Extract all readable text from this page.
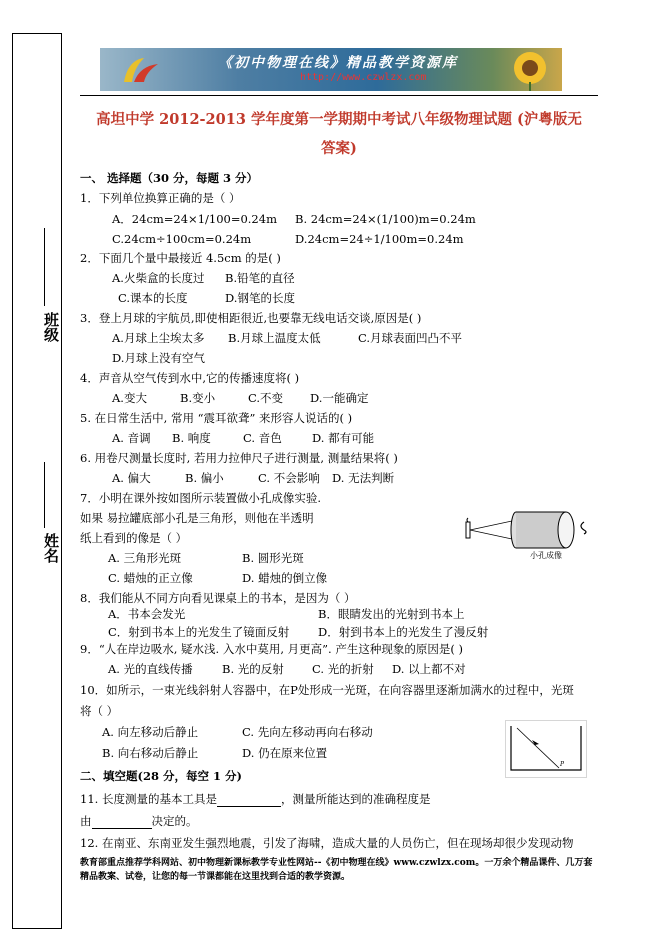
班级
姓名
《初中物理在线》精品教学资源库
http://www.czwlzx.com
高坦中学 2012-2013 学年度第一学期期中考试八年级物理试题 (沪粤版无
答案)
一、 选择题（30 分，每题 3 分）
1．下列单位换算正确的是（ ）
A．24cm=24×1/100=0.24m B. 24cm=24×(1/100)m=0.24m
C.24cm÷100cm=0.24m	D.24cm=24÷1/100m=0.24m
2．下面几个量中最接近 4.5cm 的是( )
A.火柴盒的长度过 B.铅笔的直径
C.课本的长度	D.钢笔的长度
3．登上月球的宇航员,即使相距很近,也要靠无线电话交谈,原因是( )
A.月球上尘埃太多 B.月球上温度太低	C.月球表面凹凸不平
D.月球上没有空气
4．声音从空气传到水中,它的传播速度将( )
A.变大	B.变小	C.不变 D.一能确定
5. 在日常生活中, 常用 “震耳欲聋” 来形容人说话的( )
A. 音调 B. 响度	C. 音色	D. 都有可能
6. 用卷尺测量长度时, 若用力拉伸尺子进行测量, 测量结果将( )
A. 偏大	B. 偏小	C. 不会影响 D. 无法判断
7．小明在课外按如图所示装置做小孔成像实验.
如果 易拉罐底部小孔是三角形，则他在半透明
纸上看到的像是（ ）
A. 三角形光斑	B. 圆形光斑
C. 蜡烛的正立像	D. 蜡烛的倒立像
小孔成像
8．我们能从不同方向看见课桌上的书本，是因为（ ）
A．书本会发光	B．眼睛发出的光射到书本上
C．射到书本上的光发生了镜面反射 D．射到书本上的光发生了漫反射
9．“人在岸边吸水, 疑水浅. 入水中莫用, 月更高”. 产生这种现象的原因是( )
A. 光的直线传播	B. 光的反射 C. 光的折射 D. 以上都不对
10．如所示，一束光线斜射人容器中，在P处形成一光斑，在向容器里逐渐加满水的过程中，光斑
将（ ）
A. 向左移动后静止	C. 先向左移动再向右移动
B. 向右移动后静止	D. 仍在原来位置
P
二、填空题(28 分，每空 1 分)
11. 长度测量的基本工具是	，测量所能达到的准确程度是
由	决定的。
12. 在南亚、东南亚发生强烈地震，引发了海啸，造成大量的人员伤亡，但在现场却很少发现动物
教育部重点推荐学科网站、初中物理新课标教学专业性网站--《初中物理在线》www.czwlzx.com。一万余个精品课件、几万套精品教案、试卷，让您的每一节课都能在这里找到合适的教学资源。
